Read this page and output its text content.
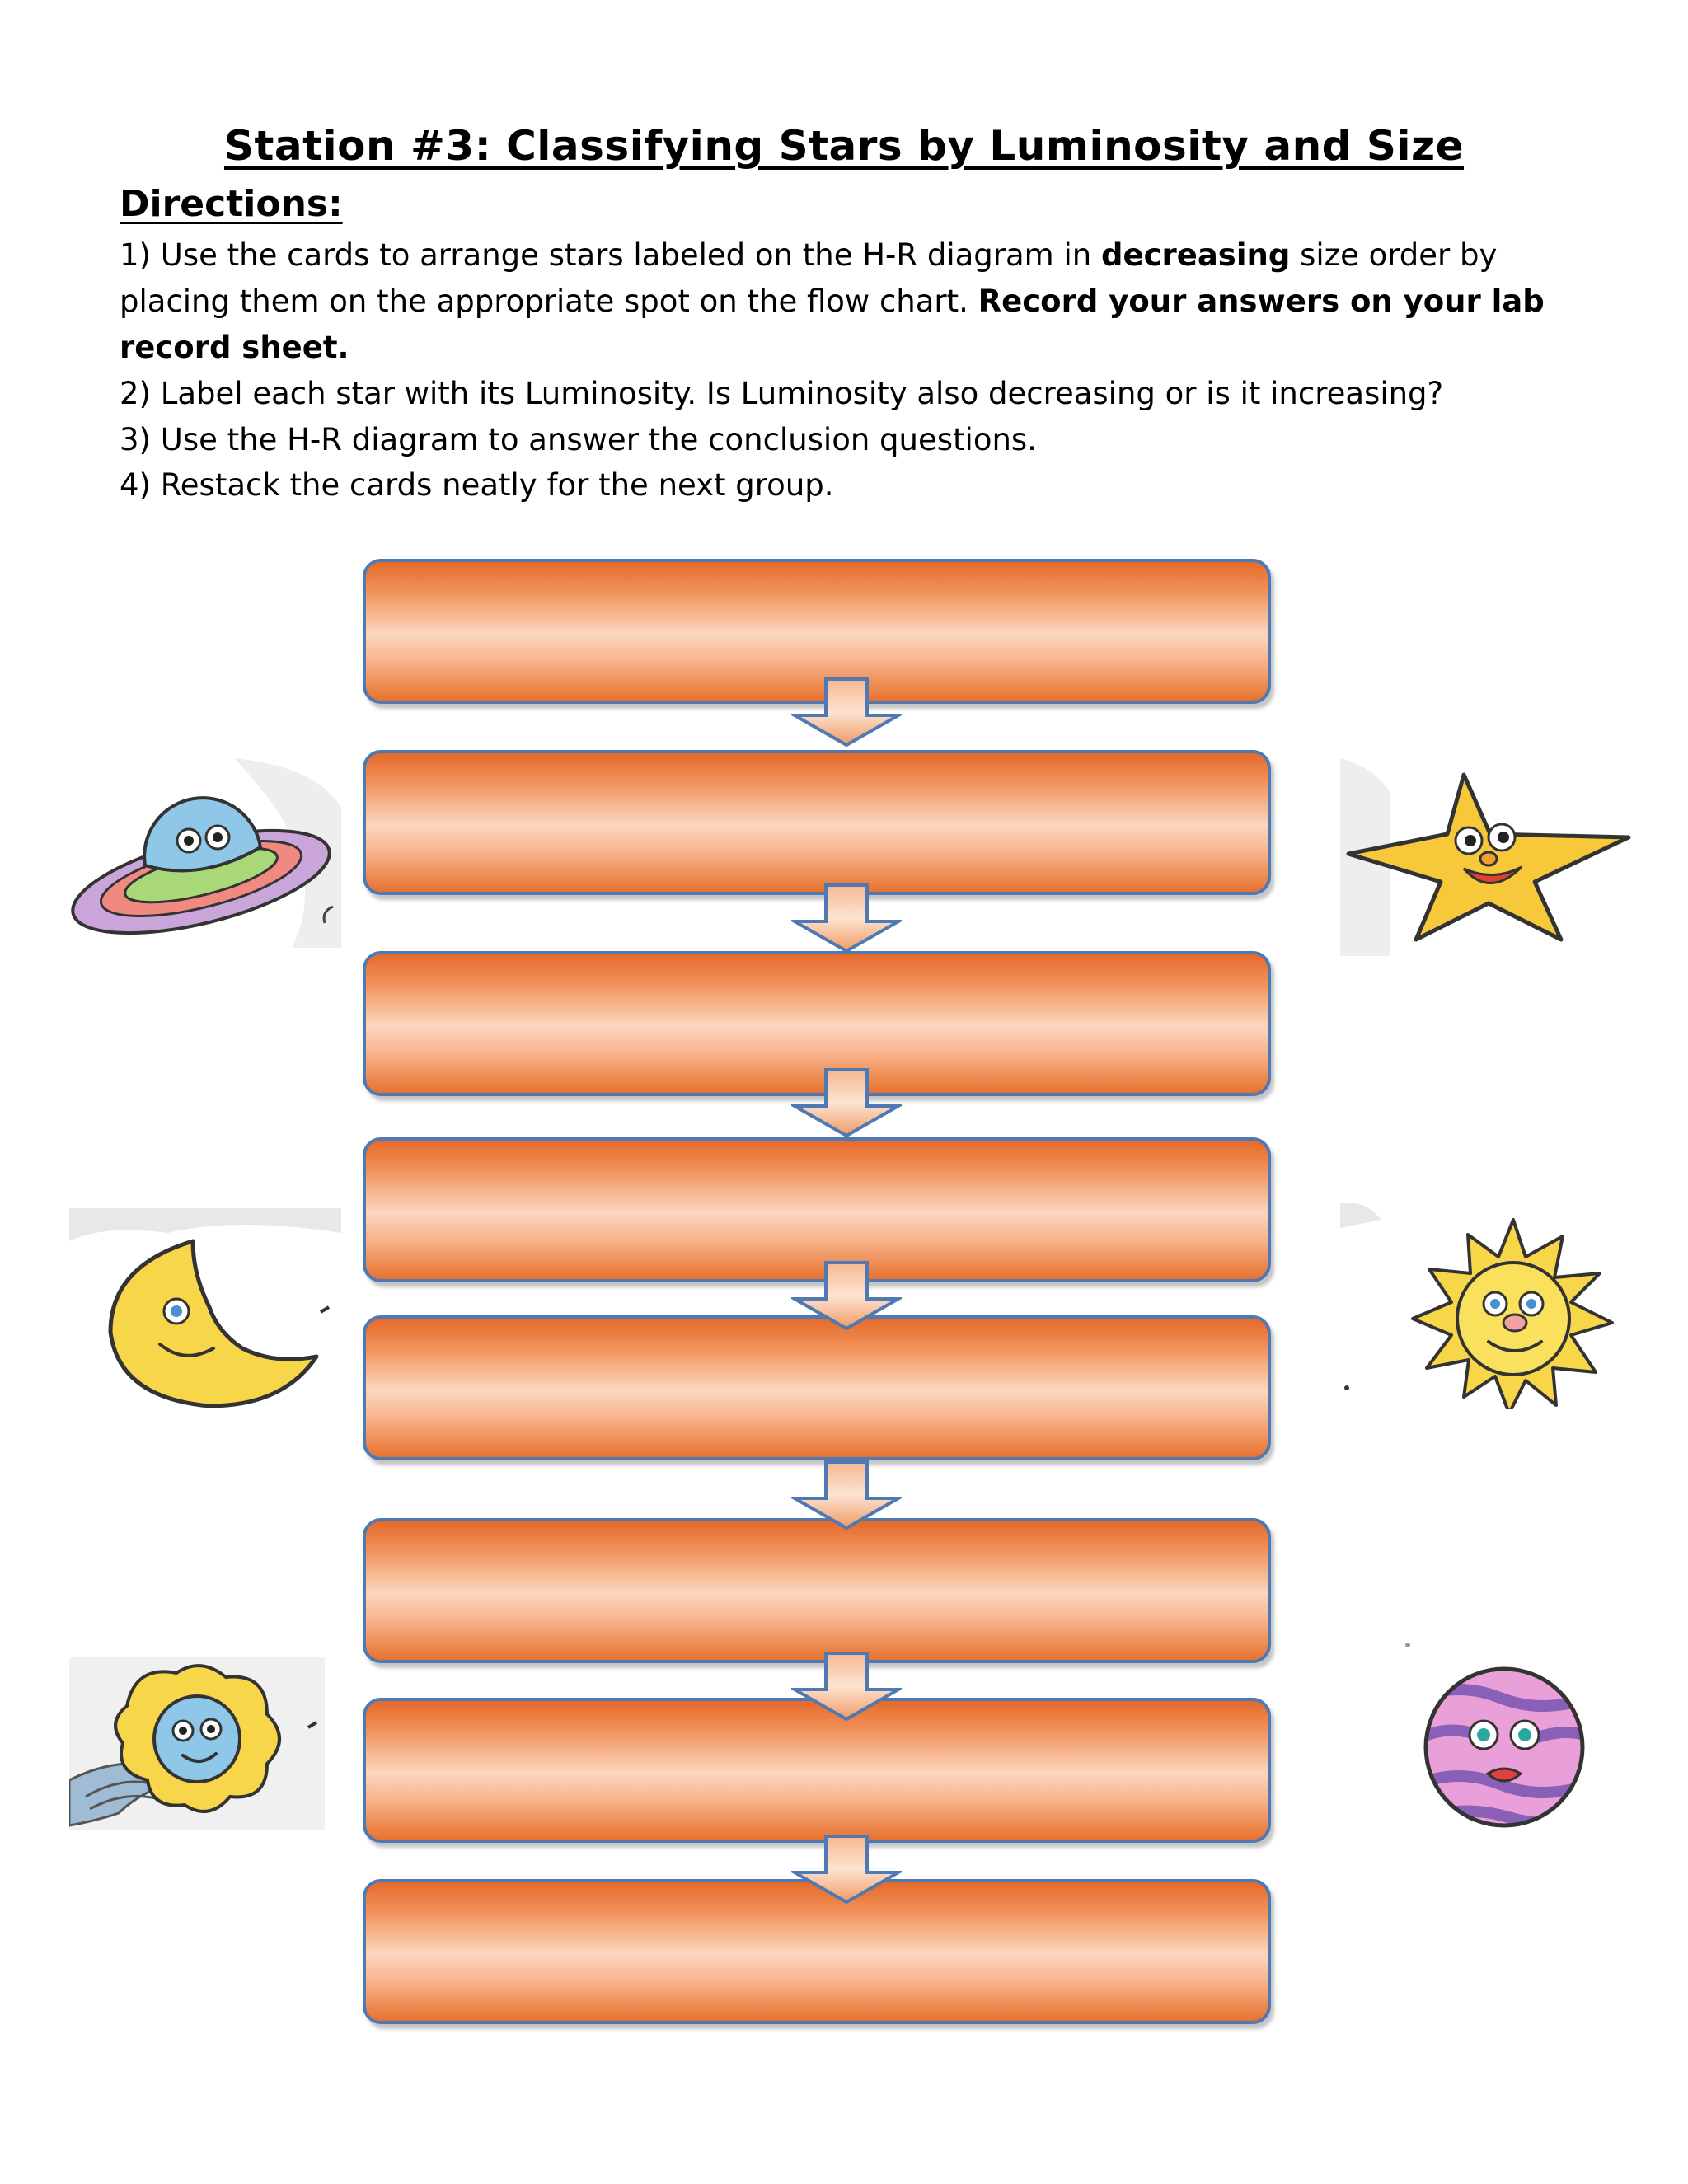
Station #3: Classifying Stars by Luminosity and Size
Directions:
1) Use the cards to arrange stars labeled on the H-R diagram in decreasing size order by
placing them on the appropriate spot on the flow chart. Record your answers on your lab
record sheet.
2) Label each star with its Luminosity. Is Luminosity also decreasing or is it increasing?
3) Use the H-R diagram to answer the conclusion questions.
4) Restack the cards neatly for the next group.
